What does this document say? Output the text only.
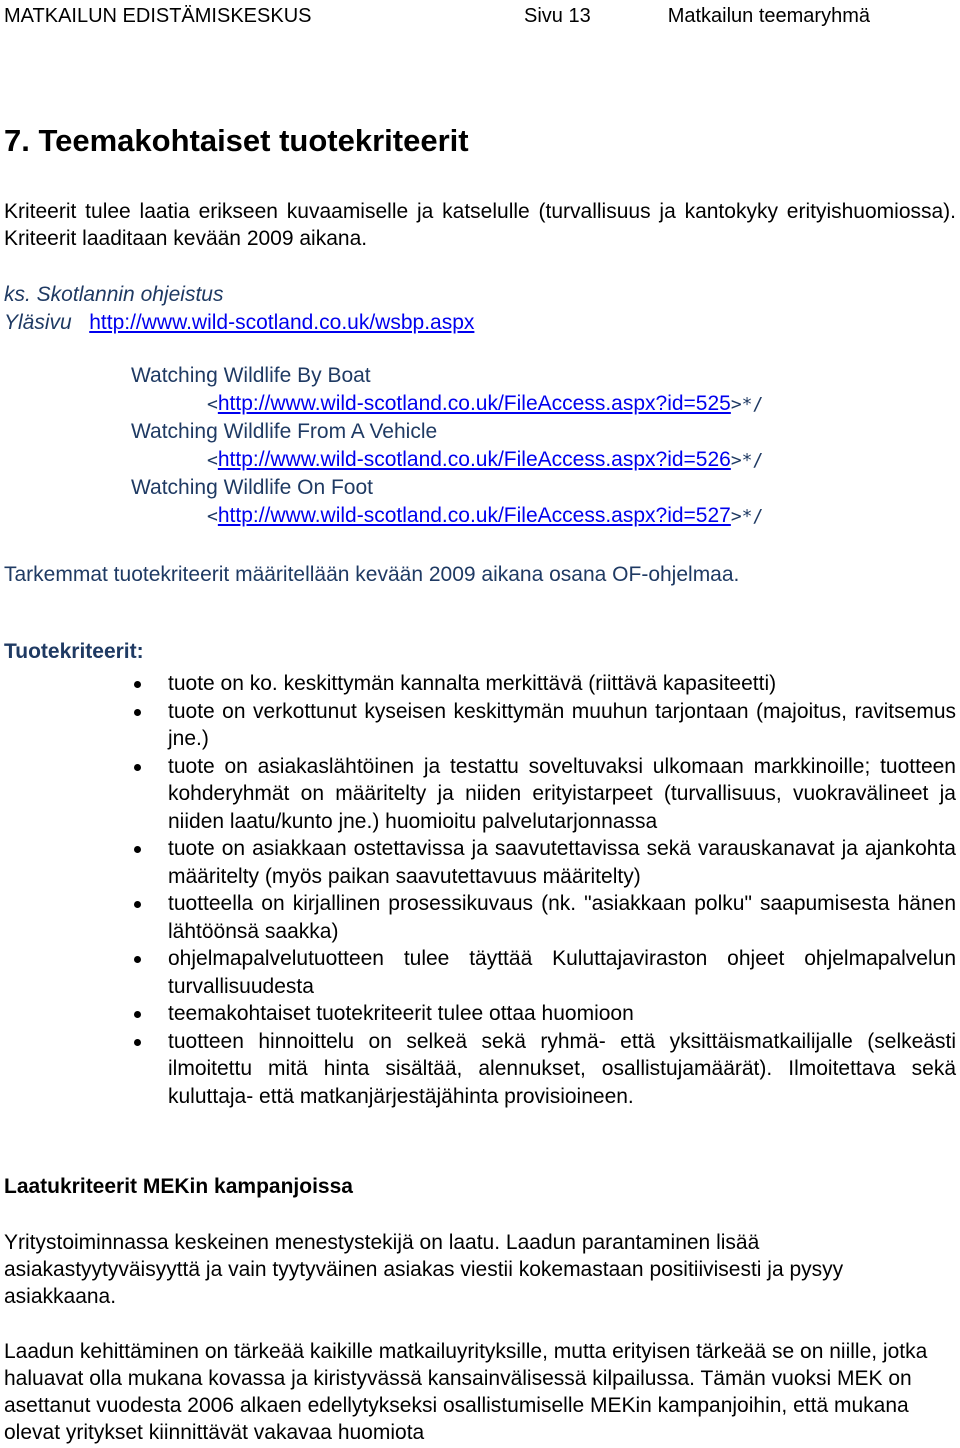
MATKAILUN EDISTÄMISKESKUS	Sivu 13	Matkailun teemaryhmä
7. Teemakohtaiset tuotekriteerit
Kriteerit tulee laatia erikseen kuvaamiselle ja katselulle (turvallisuus ja kantokyky erityishuomiossa). Kriteerit laaditaan kevään 2009 aikana.
ks. Skotlannin ohjeistus
Yläsivu http://www.wild-scotland.co.uk/wsbp.aspx
Watching Wildlife By Boat
<http://www.wild-scotland.co.uk/FileAccess.aspx?id=525>*/
Watching Wildlife From A Vehicle
<http://www.wild-scotland.co.uk/FileAccess.aspx?id=526>*/
Watching Wildlife On Foot
<http://www.wild-scotland.co.uk/FileAccess.aspx?id=527>*/
Tarkemmat tuotekriteerit määritellään kevään 2009 aikana osana OF-ohjelmaa.
Tuotekriteerit:
tuote on ko. keskittymän kannalta merkittävä (riittävä kapasiteetti)
tuote on verkottunut kyseisen keskittymän muuhun tarjontaan (majoitus, ravitsemus jne.)
tuote on asiakaslähtöinen ja testattu soveltuvaksi ulkomaan markkinoille; tuotteen kohderyhmät on määritelty ja niiden erityistarpeet (turvallisuus, vuokravälineet ja niiden laatu/kunto jne.) huomioitu palvelutarjonnassa
tuote on asiakkaan ostettavissa ja saavutettavissa sekä varauskanavat ja ajankohta määritelty (myös paikan saavutettavuus määritelty)
tuotteella on kirjallinen prosessikuvaus (nk. "asiakkaan polku" saapumisesta hänen lähtöönsä saakka)
ohjelmapalvelutuotteen tulee täyttää Kuluttajaviraston ohjeet ohjelmapalvelun turvallisuudesta
teemakohtaiset tuotekriteerit tulee ottaa huomioon
tuotteen hinnoittelu on selkeä sekä ryhmä- että yksittäismatkailijalle (selkeästi ilmoitettu mitä hinta sisältää, alennukset, osallistujamäärät). Ilmoitettava sekä kuluttaja- että matkanjärjestäjähinta provisioineen.
Laatukriteerit MEKin kampanjoissa
Yritystoiminnassa keskeinen menestystekijä on laatu. Laadun parantaminen lisää asiakastyytyväisyyttä ja vain tyytyväinen asiakas viestii kokemastaan positiivisesti ja pysyy asiakkaana.
Laadun kehittäminen on tärkeää kaikille matkailuyrityksille, mutta erityisen tärkeää se on niille, jotka haluavat olla mukana kovassa ja kiristyvässä kansainvälisessä kilpailussa. Tämän vuoksi MEK on asettanut vuodesta 2006 alkaen edellytykseksi osallistumiselle MEKin kampanjoihin, että mukana olevat yritykset kiinnittävät vakavaa huomiota
